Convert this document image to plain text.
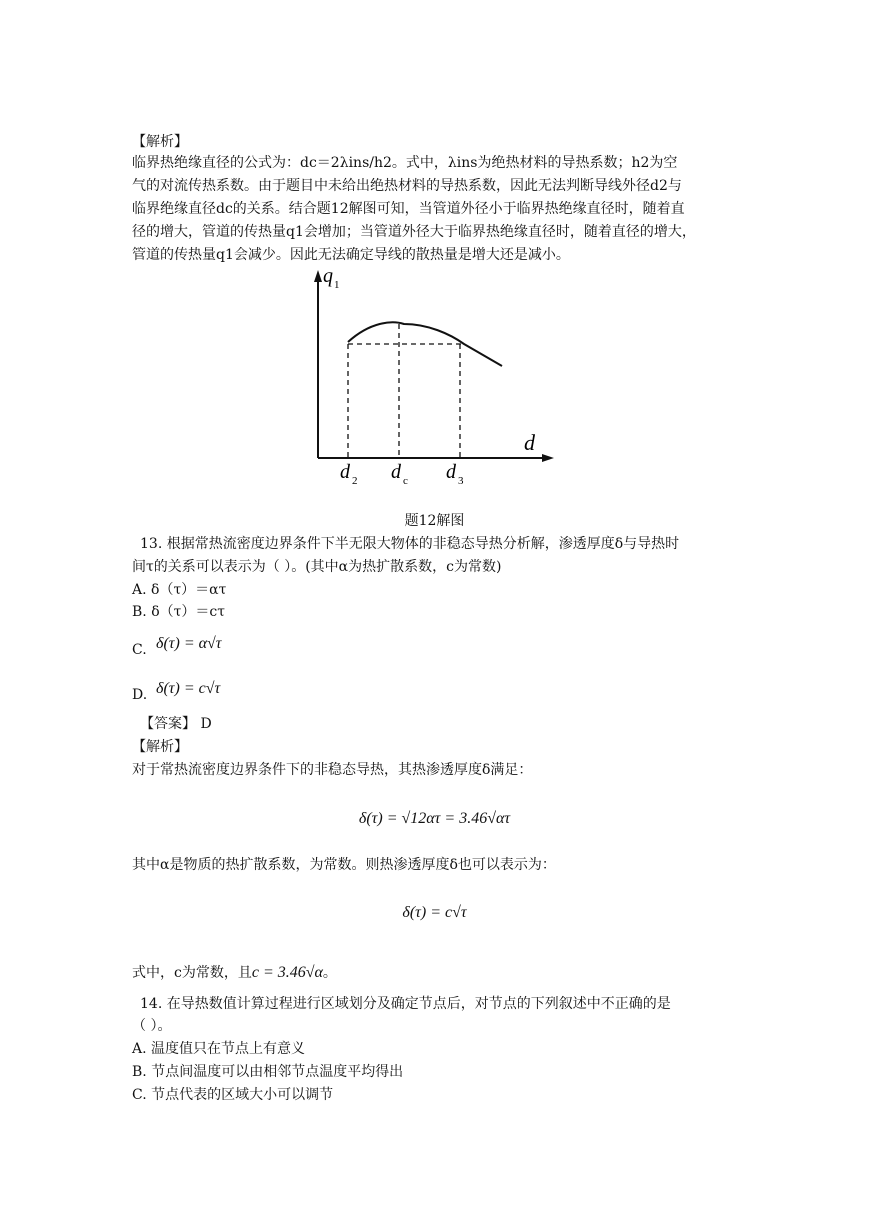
【解析】
临界热绝缘直径的公式为：dc＝2λins/h2。式中，λins为绝热材料的导热系数；h2为空
气的对流传热系数。由于题目中未给出绝热材料的导热系数，因此无法判断导线外径d2与
临界绝缘直径dc的关系。结合题12解图可知，当管道外径小于临界热绝缘直径时，随着直
径的增大，管道的传热量q1会增加；当管道外径大于临界热绝缘直径时，随着直径的增大，
管道的传热量q1会减少。因此无法确定导线的散热量是增大还是减小。
q 1
d
d 2 d c d 3
题12解图
13. 根据常热流密度边界条件下半无限大物体的非稳态导热分析解，渗透厚度δ与导热时
间τ的关系可以表示为（ ）。(其中α为热扩散系数，c为常数)
A. δ（τ）＝ατ
B. δ（τ）＝cτ
C. δ(τ) = α√τ
D. δ(τ) = c√τ
【答案】 D
【解析】
对于常热流密度边界条件下的非稳态导热，其热渗透厚度δ满足：
δ(τ) = √12ατ = 3.46√ατ
其中α是物质的热扩散系数，为常数。则热渗透厚度δ也可以表示为：
δ(τ) = c√τ
式中，c为常数，且c = 3.46√α。
14. 在导热数值计算过程进行区域划分及确定节点后，对节点的下列叙述中不正确的是
（ ）。
A. 温度值只在节点上有意义
B. 节点间温度可以由相邻节点温度平均得出
C. 节点代表的区域大小可以调节
